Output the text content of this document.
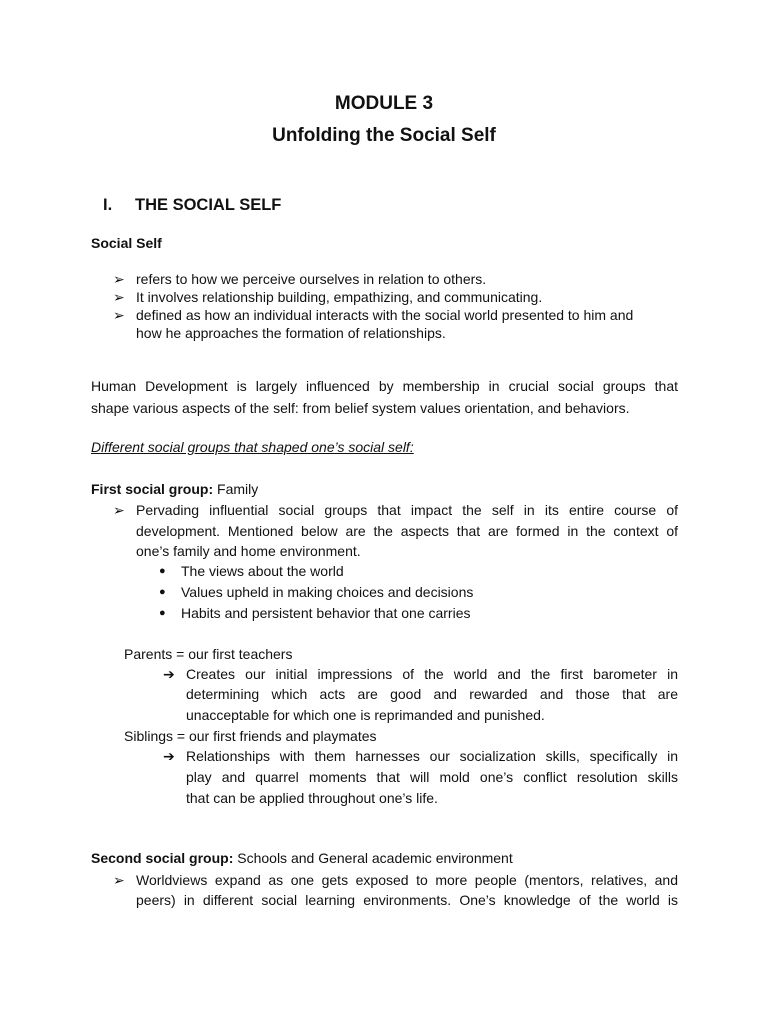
MODULE 3
Unfolding the Social Self
I. THE SOCIAL SELF
Social Self
➢ refers to how we perceive ourselves in relation to others.
➢ It involves relationship building, empathizing, and communicating.
➢ defined as how an individual interacts with the social world presented to him and
how he approaches the formation of relationships.
Human Development is largely influenced by membership in crucial social groups that
shape various aspects of the self: from belief system values orientation, and behaviors.
Different social groups that shaped one’s social self:
First social group: Family
➢ Pervading influential social groups that impact the self in its entire course of
development. Mentioned below are the aspects that are formed in the context of
one’s family and home environment.
● The views about the world
● Values upheld in making choices and decisions
● Habits and persistent behavior that one carries
Parents = our first teachers
➔ Creates our initial impressions of the world and the first barometer in
determining which acts are good and rewarded and those that are
unacceptable for which one is reprimanded and punished.
Siblings = our first friends and playmates
➔ Relationships with them harnesses our socialization skills, specifically in
play and quarrel moments that will mold one’s conflict resolution skills
that can be applied throughout one’s life.
Second social group: Schools and General academic environment
➢ Worldviews expand as one gets exposed to more people (mentors, relatives, and
peers) in different social learning environments. One’s knowledge of the world is
